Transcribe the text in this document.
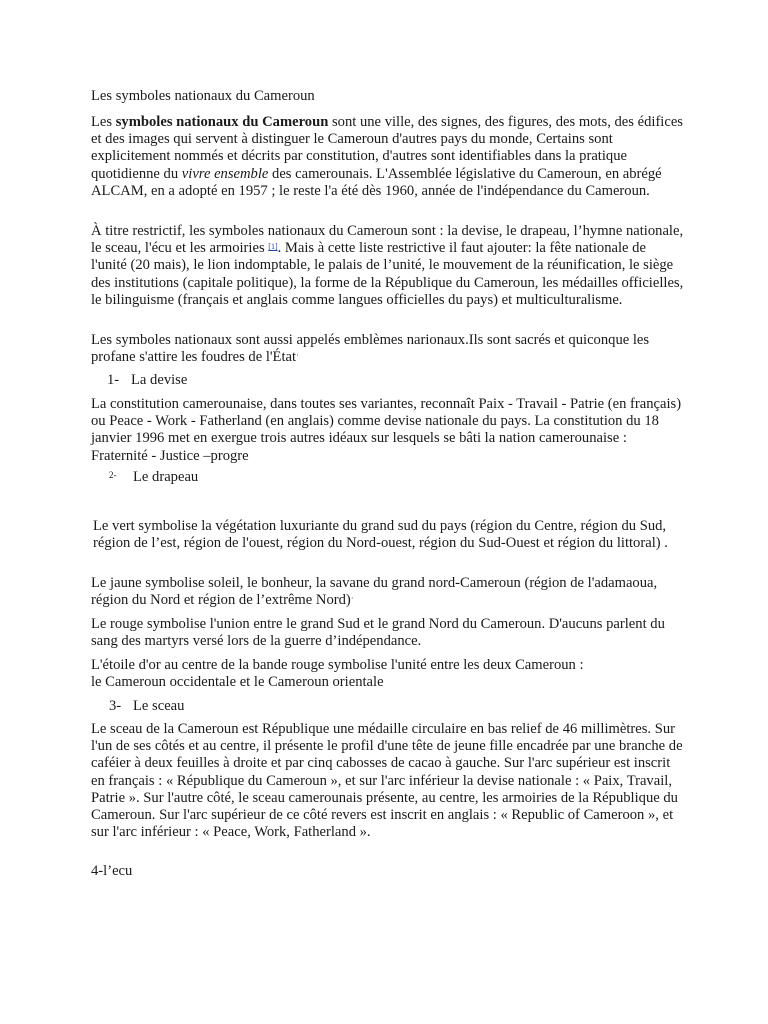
Les symboles nationaux du Cameroun

Les symboles nationaux du Cameroun sont une ville, des signes, des figures, des mots, des édifices et des images qui servent à distinguer le Cameroun d'autres pays du monde, Certains sont explicitement nommés et décrits par constitution, d'autres sont identifiables dans la pratique quotidienne du vivre ensemble des camerounais. L'Assemblée législative du Cameroun, en abrégé ALCAM, en a adopté en 1957 ; le reste l'a été dès 1960, année de l'indépendance du Cameroun.

À titre restrictif, les symboles nationaux du Cameroun sont : la devise, le drapeau, l’hymne nationale, le sceau, l'écu et les armoiries [1]. Mais à cette liste restrictive il faut ajouter: la fête nationale de l'unité (20 mais), le lion indomptable, le palais de l’unité, le mouvement de la réunification, le siège des institutions (capitale politique), la forme de la République du Cameroun, les médailles officielles, le bilinguisme (français et anglais comme langues officielles du pays) et multiculturalisme.

Les symboles nationaux sont aussi appelés emblèmes narionaux.Ils sont sacrés et quiconque les profane s'attire les foudres de l'État·

1- La devise

La constitution camerounaise, dans toutes ses variantes, reconnaît Paix - Travail - Patrie (en français) ou Peace - Work - Fatherland (en anglais) comme devise nationale du pays. La constitution du 18 janvier 1996 met en exergue trois autres idéaux sur lesquels se bâti la nation camerounaise : Fraternité - Justice –progre

2- Le drapeau

Le vert symbolise la végétation luxuriante du grand sud du pays (région du Centre, région du Sud, région de l’est, région de l'ouest, région du Nord-ouest, région du Sud-Ouest et région du littoral) .

Le jaune symbolise soleil, le bonheur, la savane du grand nord-Cameroun (région de l'adamaoua, région du Nord et région de l’extrême Nord)·

Le rouge symbolise l'union entre le grand Sud et le grand Nord du Cameroun. D'aucuns parlent du sang des martyrs versé lors de la guerre d’indépendance.

L'étoile d'or au centre de la bande rouge symbolise l'unité entre les deux Cameroun :
le Cameroun occidentale et le Cameroun orientale

3- Le sceau

Le sceau de la Cameroun est République une médaille circulaire en bas relief de 46 millimètres. Sur l'un de ses côtés et au centre, il présente le profil d'une tête de jeune fille encadrée par une branche de caféier à deux feuilles à droite et par cinq cabosses de cacao à gauche. Sur l'arc supérieur est inscrit en français : « République du Cameroun », et sur l'arc inférieur la devise nationale : « Paix, Travail, Patrie ». Sur l'autre côté, le sceau camerounais présente, au centre, les armoiries de la République du Cameroun. Sur l'arc supérieur de ce côté revers est inscrit en anglais : « Republic of Cameroon », et sur l'arc inférieur : « Peace, Work, Fatherland ».

4-l’ecu
